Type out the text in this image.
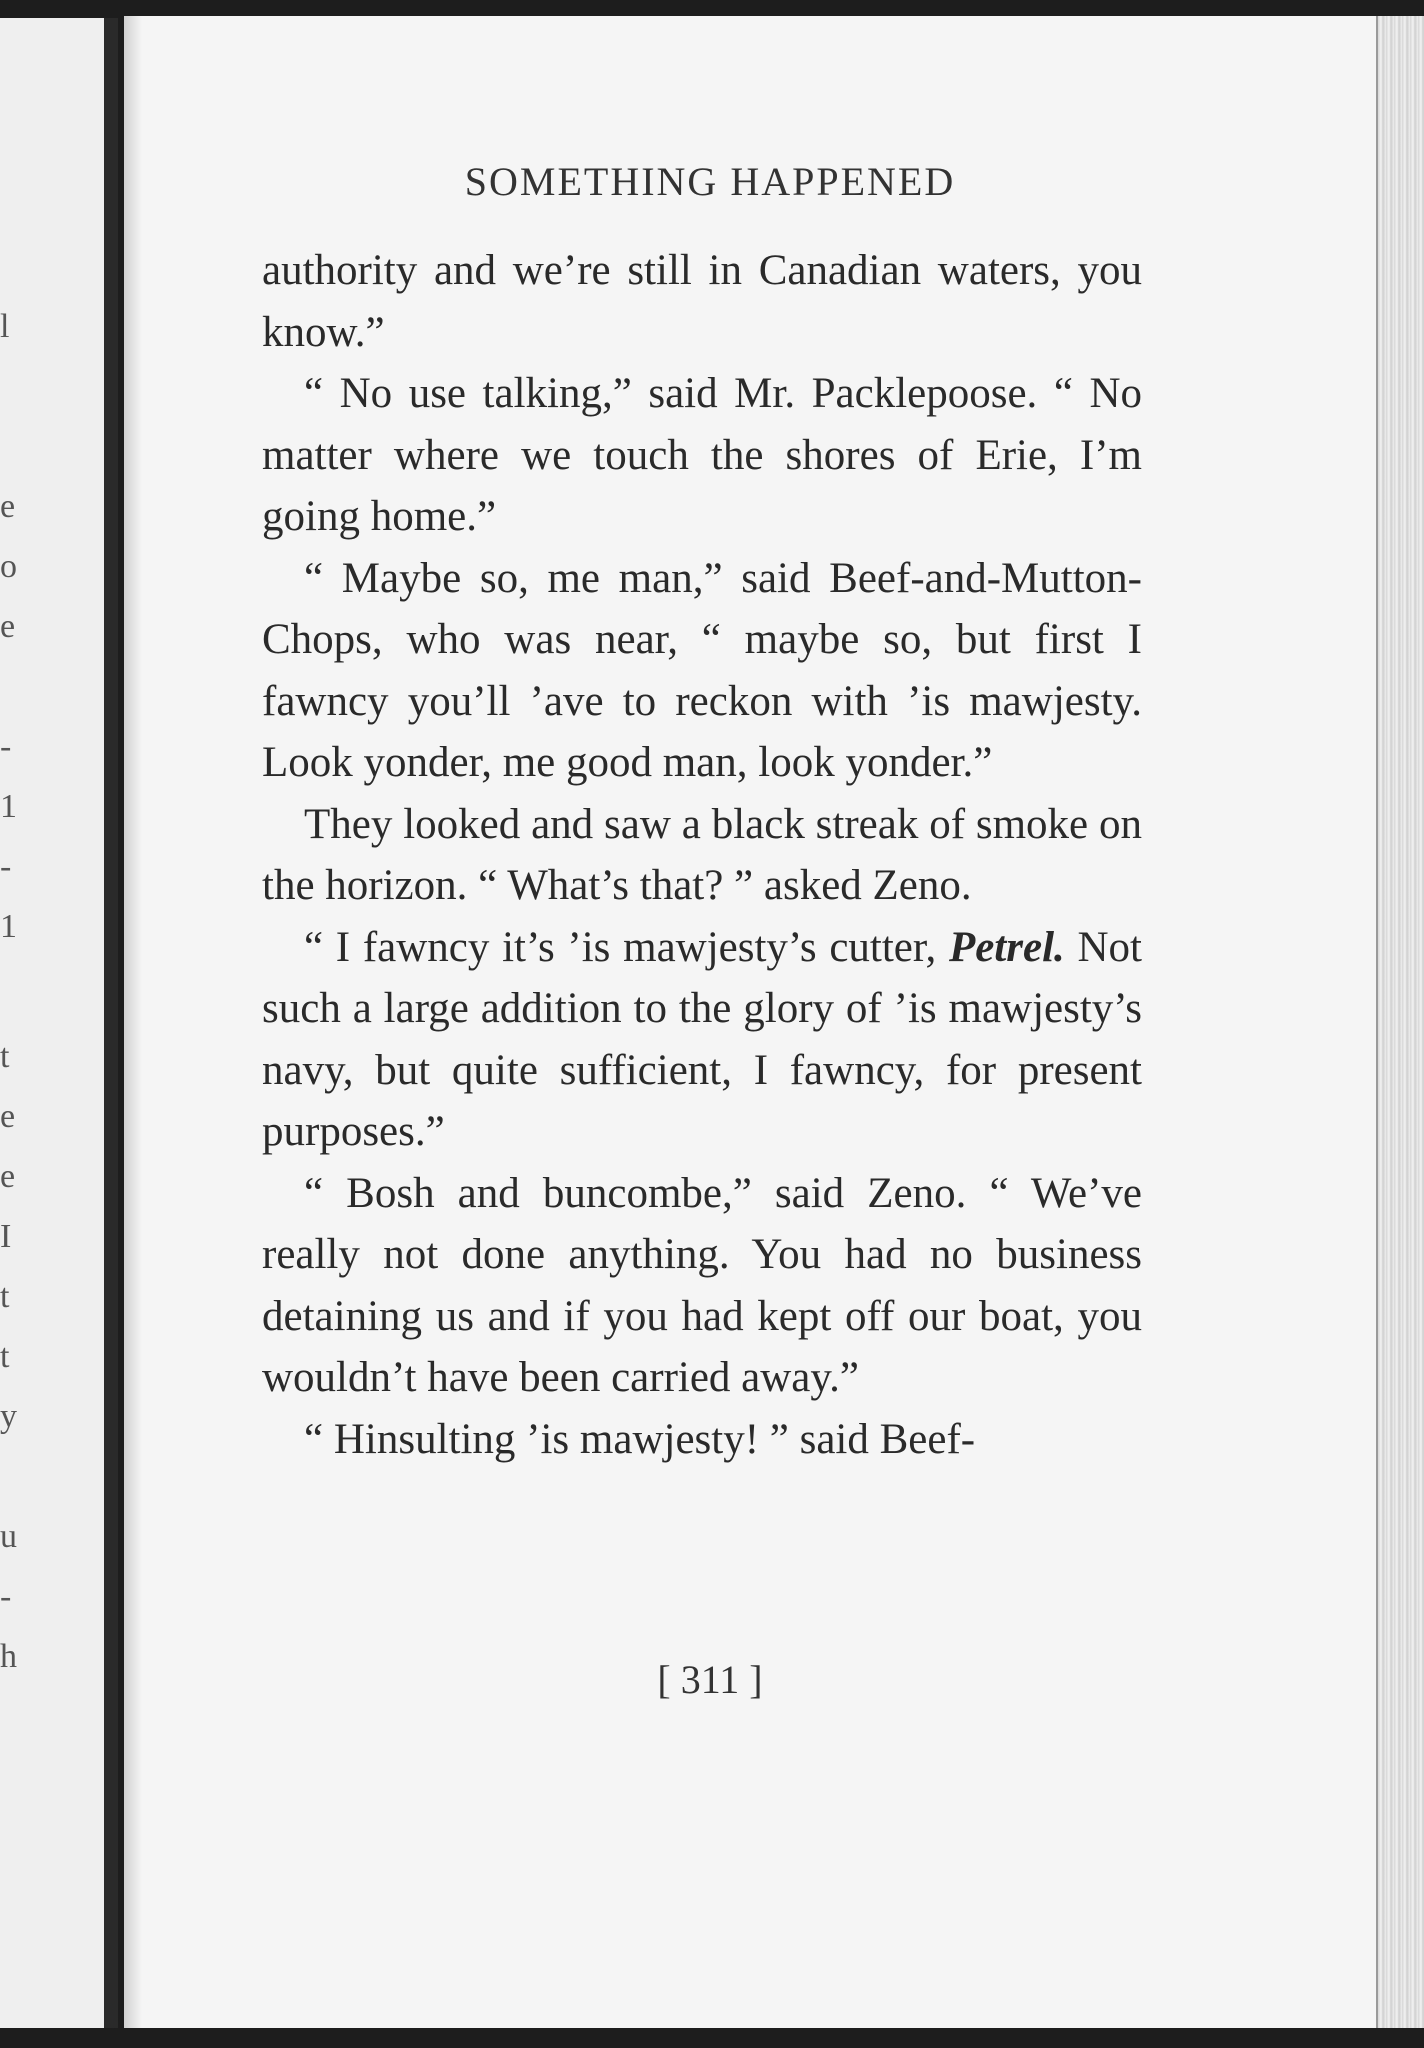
l
e
o
e
-
1
-
1
t
e
e
I
t
t
y
u
-
h
SOMETHING HAPPENED

authority and we’re still in Canadian waters, you know.”

“ No use talking,” said Mr. Packlepoose. “ No matter where we touch the shores of Erie, I’m going home.”

“ Maybe so, me man,” said Beef-and-Mutton-Chops, who was near, “ maybe so, but first I fawncy you’ll ’ave to reckon with ’is mawjesty. Look yonder, me good man, look yonder.”

They looked and saw a black streak of smoke on the horizon. “ What’s that? ” asked Zeno.

“ I fawncy it’s ’is mawjesty’s cutter, Petrel. Not such a large addition to the glory of ’is mawjesty’s navy, but quite sufficient, I fawncy, for present purposes.”

“ Bosh and buncombe,” said Zeno. “ We’ve really not done anything. You had no business detaining us and if you had kept off our boat, you wouldn’t have been carried away.”

“ Hinsulting ’is mawjesty! ” said Beef-

[ 311 ]
